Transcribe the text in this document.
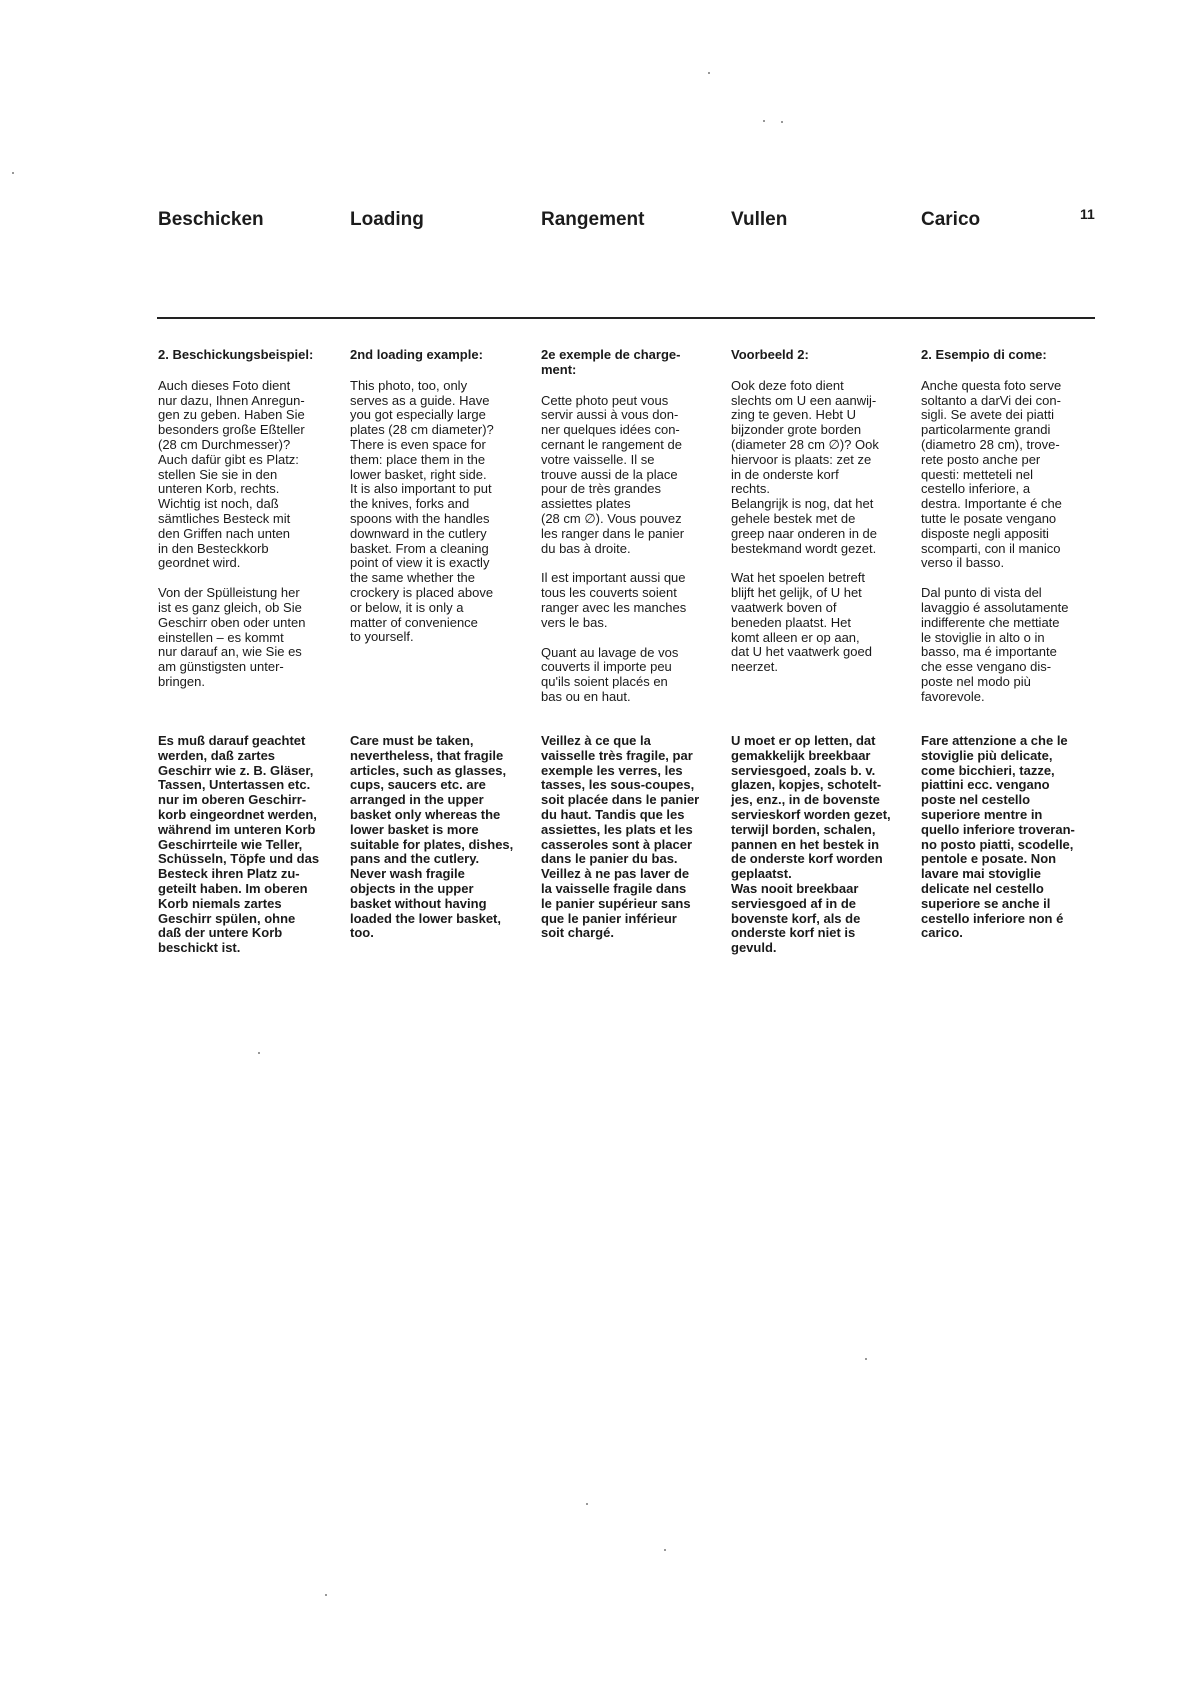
Beschicken	Loading	Rangement	Vullen	Carico	11
2. Beschickungsbeispiel:

Auch dieses Foto dient
nur dazu, Ihnen Anregun-
gen zu geben. Haben Sie
besonders große Eßteller
(28 cm Durchmesser)?
Auch dafür gibt es Platz:
stellen Sie sie in den
unteren Korb, rechts.
Wichtig ist noch, daß
sämtliches Besteck mit
den Griffen nach unten
in den Besteckkorb
geordnet wird.

Von der Spülleistung her
ist es ganz gleich, ob Sie
Geschirr oben oder unten
einstellen – es kommt
nur darauf an, wie Sie es
am günstigsten unter-
bringen.

2nd loading example:

This photo, too, only
serves as a guide. Have
you got especially large
plates (28 cm diameter)?
There is even space for
them: place them in the
lower basket, right side.
It is also important to put
the knives, forks and
spoons with the handles
downward in the cutlery
basket. From a cleaning
point of view it is exactly
the same whether the
crockery is placed above
or below, it is only a
matter of convenience
to yourself.

2e exemple de charge-
ment:

Cette photo peut vous
servir aussi à vous don-
ner quelques idées con-
cernant le rangement de
votre vaisselle. Il se
trouve aussi de la place
pour de très grandes
assiettes plates
(28 cm ∅). Vous pouvez
les ranger dans le panier
du bas à droite.

Il est important aussi que
tous les couverts soient
ranger avec les manches
vers le bas.

Quant au lavage de vos
couverts il importe peu
qu'ils soient placés en
bas ou en haut.

Voorbeeld 2:

Ook deze foto dient
slechts om U een aanwij-
zing te geven. Hebt U
bijzonder grote borden
(diameter 28 cm ∅)? Ook
hiervoor is plaats: zet ze
in de onderste korf
rechts.
Belangrijk is nog, dat het
gehele bestek met de
greep naar onderen in de
bestekmand wordt gezet.

Wat het spoelen betreft
blijft het gelijk, of U het
vaatwerk boven of
beneden plaatst. Het
komt alleen er op aan,
dat U het vaatwerk goed
neerzet.

2. Esempio di come:

Anche questa foto serve
soltanto a darVi dei con-
sigli. Se avete dei piatti
particolarmente grandi
(diametro 28 cm), trove-
rete posto anche per
questi: metteteli nel
cestello inferiore, a
destra. Importante é che
tutte le posate vengano
disposte negli appositi
scomparti, con il manico
verso il basso.

Dal punto di vista del
lavaggio é assolutamente
indifferente che mettiate
le stoviglie in alto o in
basso, ma é importante
che esse vengano dis-
poste nel modo più
favorevole.

Es muß darauf geachtet
werden, daß zartes
Geschirr wie z. B. Gläser,
Tassen, Untertassen etc.
nur im oberen Geschirr-
korb eingeordnet werden,
während im unteren Korb
Geschirrteile wie Teller,
Schüsseln, Töpfe und das
Besteck ihren Platz zu-
geteilt haben. Im oberen
Korb niemals zartes
Geschirr spülen, ohne
daß der untere Korb
beschickt ist.

Care must be taken,
nevertheless, that fragile
articles, such as glasses,
cups, saucers etc. are
arranged in the upper
basket only whereas the
lower basket is more
suitable for plates, dishes,
pans and the cutlery.
Never wash fragile
objects in the upper
basket without having
loaded the lower basket,
too.

Veillez à ce que la
vaisselle très fragile, par
exemple les verres, les
tasses, les sous-coupes,
soit placée dans le panier
du haut. Tandis que les
assiettes, les plats et les
casseroles sont à placer
dans le panier du bas.
Veillez à ne pas laver de
la vaisselle fragile dans
le panier supérieur sans
que le panier inférieur
soit chargé.

U moet er op letten, dat
gemakkelijk breekbaar
serviesgoed, zoals b. v.
glazen, kopjes, schotelt-
jes, enz., in de bovenste
servieskorf worden gezet,
terwijl borden, schalen,
pannen en het bestek in
de onderste korf worden
geplaatst.
Was nooit breekbaar
serviesgoed af in de
bovenste korf, als de
onderste korf niet is
gevuld.

Fare attenzione a che le
stoviglie più delicate,
come bicchieri, tazze,
piattini ecc. vengano
poste nel cestello
superiore mentre in
quello inferiore troveran-
no posto piatti, scodelle,
pentole e posate. Non
lavare mai stoviglie
delicate nel cestello
superiore se anche il
cestello inferiore non é
carico.
